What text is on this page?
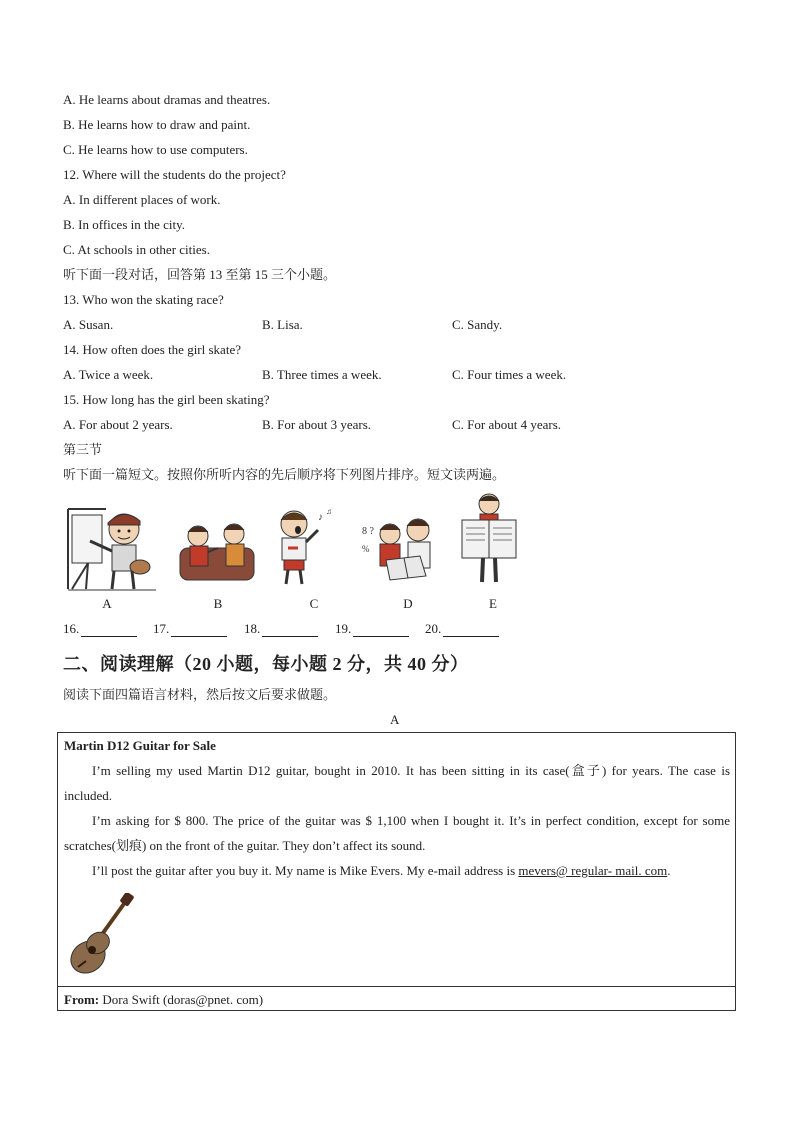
A. He learns about dramas and theatres.
B. He learns how to draw and paint.
C. He learns how to use computers.
12. Where will the students do the project?
A. In different places of work.
B. In offices in the city.
C. At schools in other cities.
听下面一段对话，回答第 13 至第 15 三个小题。
13. Who won the skating race?
A. Susan.	B. Lisa.	C. Sandy.
14. How often does the girl skate?
A. Twice a week.	B. Three times a week.	C. Four times a week.
15. How long has the girl been skating?
A. For about 2 years.	B. For about 3 years.	C. For about 4 years.
第三节
听下面一篇短文。按照你所听内容的先后顺序将下列图片排序。短文读两遍。
♪
♫
8 ?
%
A	B	C	D	E
16.	17.	18.	19.	20.
二、阅读理解（20 小题，每小题 2 分，共 40 分）
阅读下面四篇语言材料，然后按文后要求做题。
A
Martin D12 Guitar for Sale
I’m selling my used Martin D12 guitar, bought in 2010. It has been sitting in its case(盒子) for years. The case is included.
I’m asking for $ 800. The price of the guitar was $ 1,100 when I bought it. It’s in perfect condition, except for some scratches(划痕) on the front of the guitar. They don’t affect its sound.
I’ll post the guitar after you buy it. My name is Mike Evers. My e-mail address is mevers@ regular- mail. com.
From: Dora Swift (doras@pnet. com)
